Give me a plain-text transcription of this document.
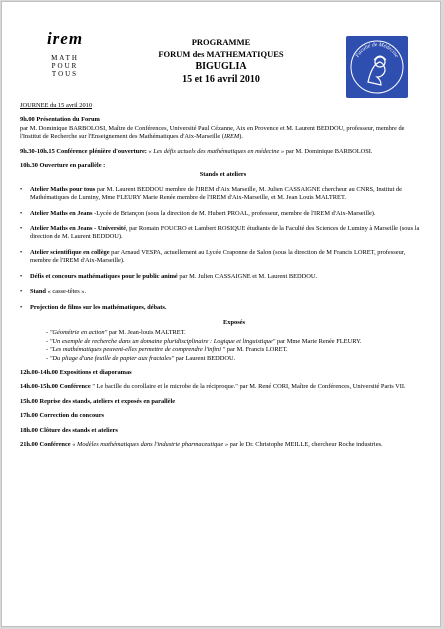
irem
MATH
POUR
TOUS
PROGRAMME
FORUM des MATHEMATIQUES
BIGUGLIA
15 et 16 avril 2010
Faculté de Médecine
JOURNEE du 15 avril 2010
9h.00 Présentation du Forum
par M. Dominique BARBOLOSI, Maître de Conférences, Université Paul Cézanne, Aix en Provence et M. Laurent BEDDOU, professeur, membre de l'Institut de Recherche sur l'Enseignement des Mathématiques d'Aix-Marseille (IREM).
9h.30-10h.15 Conférence plénière d'ouverture: « Les défis actuels des mathématiques en médecine » par M. Dominique BARBOLOSI.
10h.30 Ouverture en parallèle :
Stands et ateliers
• Atelier Maths pour tous par M. Laurent BEDDOU membre de l'IREM d'Aix Marseille, M. Julien CASSAIGNE chercheur au CNRS, Institut de Mathématiques de Luminy, Mme FLEURY Marie Renée membre de l'IREM d'Aix-Marseille, et M. Jean Louis MALTRET.
• Atelier Maths en Jeans -Lycée de Briançon (sous la direction de M. Hubert PROAL, professeur, membre de l'IREM d'Aix-Marseille).
• Atelier Maths en Jeans - Université, par Romain FOUCRO et Lambert ROSIQUE étudiants de la Faculté des Sciences de Luminy à Marseille (sous la direction de M. Laurent BEDDOU).
• Atelier scientifique en collège par Arnaud VESPA, actuellement au Lycée Craponne de Salon (sous la direction de M Francis LORET, professeur, membre de l'IREM d'Aix-Marseille).
• Défis et concours mathématiques pour le public animé par M. Julien CASSAIGNE et M. Laurent BEDDOU.
• Stand « casse-têtes ».
• Projection de films sur les mathématiques, débats.
Exposés
- "Géométrie en action" par M. Jean-louis MALTRET.
- "Un exemple de recherche dans un domaine pluridisciplinaire : Logique et linguistique" par Mme Marie Renée FLEURY.
- "Les mathématiques peuvent-elles permettre de comprendre l'infini " par M. Francis LORET.
- "Du pliage d'une feuille de papier aux fractales" par Laurent BEDDOU.
12h.00-14h.00 Expositions et diaporamas
14h.00-15h.00 Conférence " Le bacille du corollaire et le microbe de la réciproque." par M. René CORI, Maître de Conférences, Université Paris VII.
15h.00 Reprise des stands, ateliers et exposés en parallèle
17h.00 Correction du concours
18h.00 Clôture des stands et ateliers
21h.00 Conférence « Modèles mathématiques dans l'industrie pharmaceutique » par le Dr. Christophe MEILLE, chercheur Roche industries.
